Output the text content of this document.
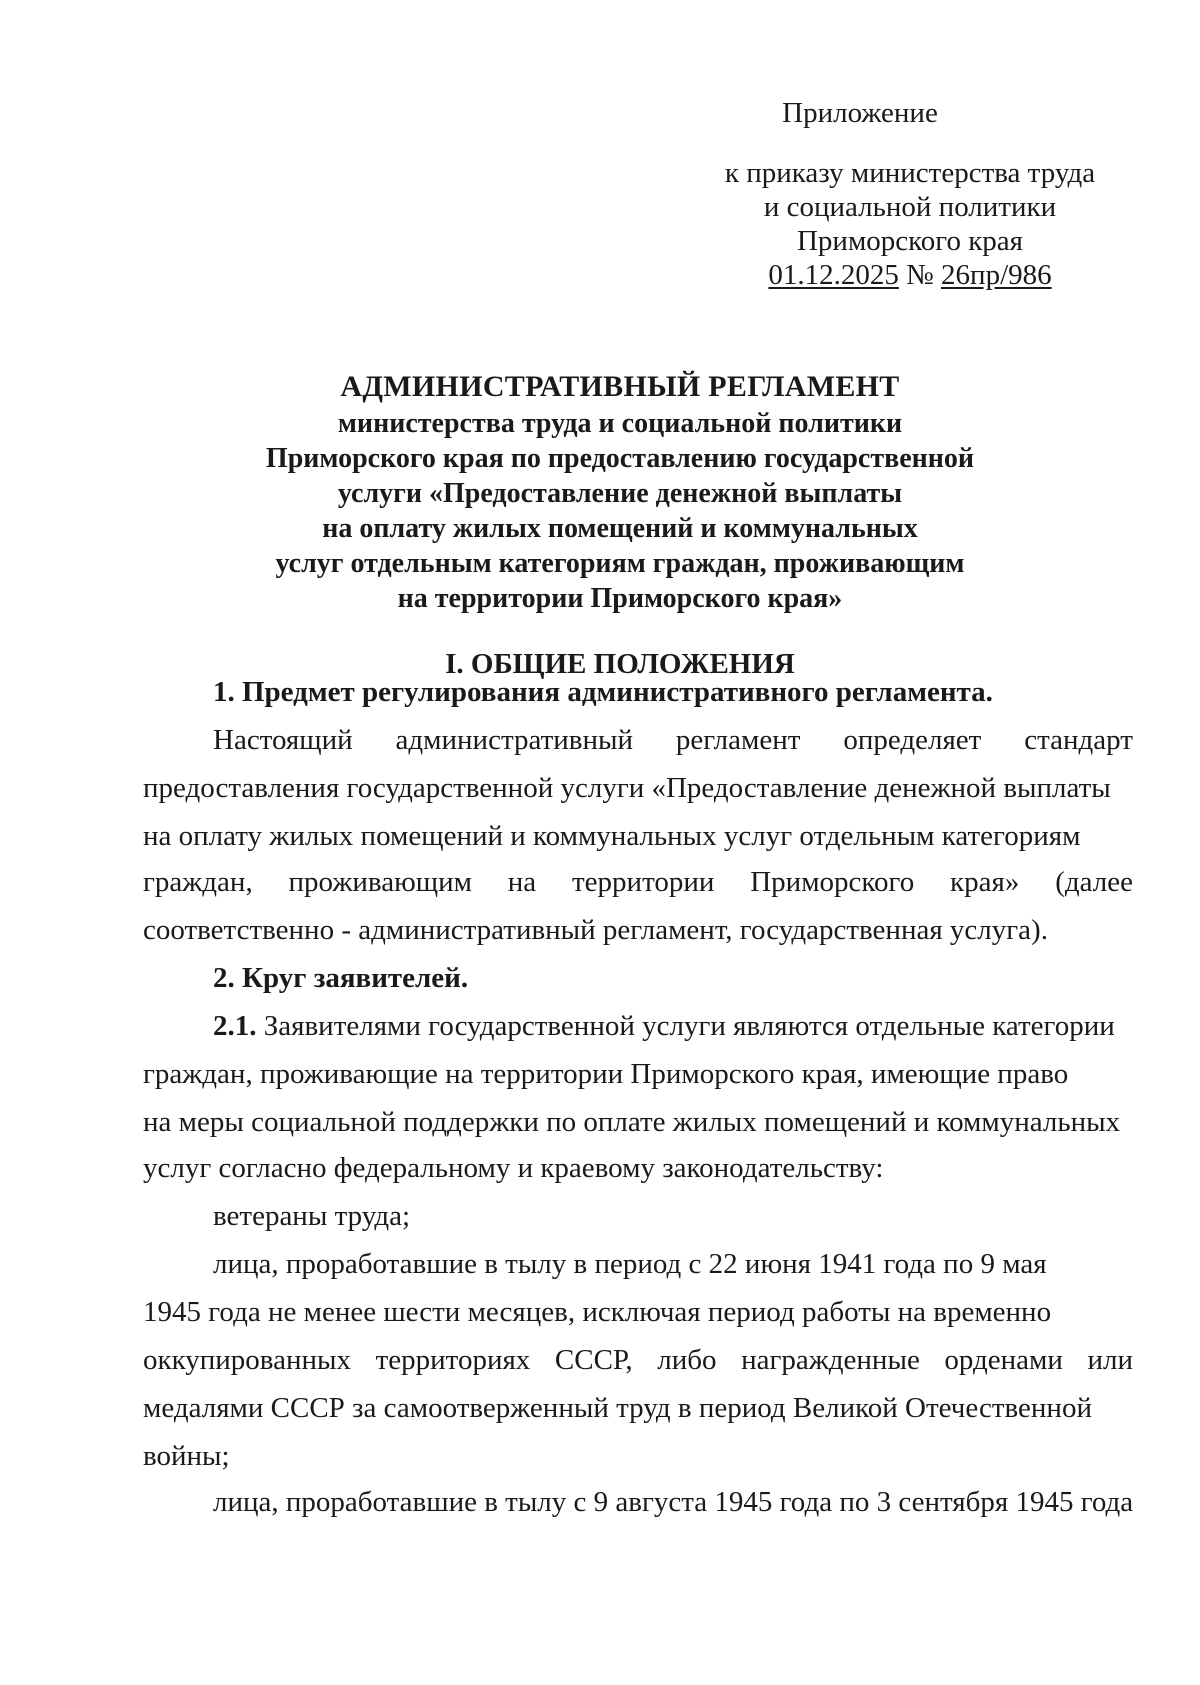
Приложение
к приказу министерства труда
и социальной политики
Приморского края
01.12.2025 № 26пр/986
АДМИНИСТРАТИВНЫЙ РЕГЛАМЕНТ
министерства труда и социальной политики
Приморского края по предоставлению государственной
услуги «Предоставление денежной выплаты
на оплату жилых помещений и коммунальных
услуг отдельным категориям граждан, проживающим
на территории Приморского края»
I. ОБЩИЕ ПОЛОЖЕНИЯ
1. Предмет регулирования административного регламента.
Настоящий административный регламент определяет стандарт
предоставления государственной услуги «Предоставление денежной выплаты
на оплату жилых помещений и коммунальных услуг отдельным категориям
граждан, проживающим на территории Приморского края» (далее
соответственно - административный регламент, государственная услуга).
2. Круг заявителей.
2.1. Заявителями государственной услуги являются отдельные категории
граждан, проживающие на территории Приморского края, имеющие право
на меры социальной поддержки по оплате жилых помещений и коммунальных
услуг согласно федеральному и краевому законодательству:
ветераны труда;
лица, проработавшие в тылу в период с 22 июня 1941 года по 9 мая
1945 года не менее шести месяцев, исключая период работы на временно
оккупированных территориях СССР, либо награжденные орденами или
медалями СССР за самоотверженный труд в период Великой Отечественной
войны;
лица, проработавшие в тылу с 9 августа 1945 года по 3 сентября 1945 года
